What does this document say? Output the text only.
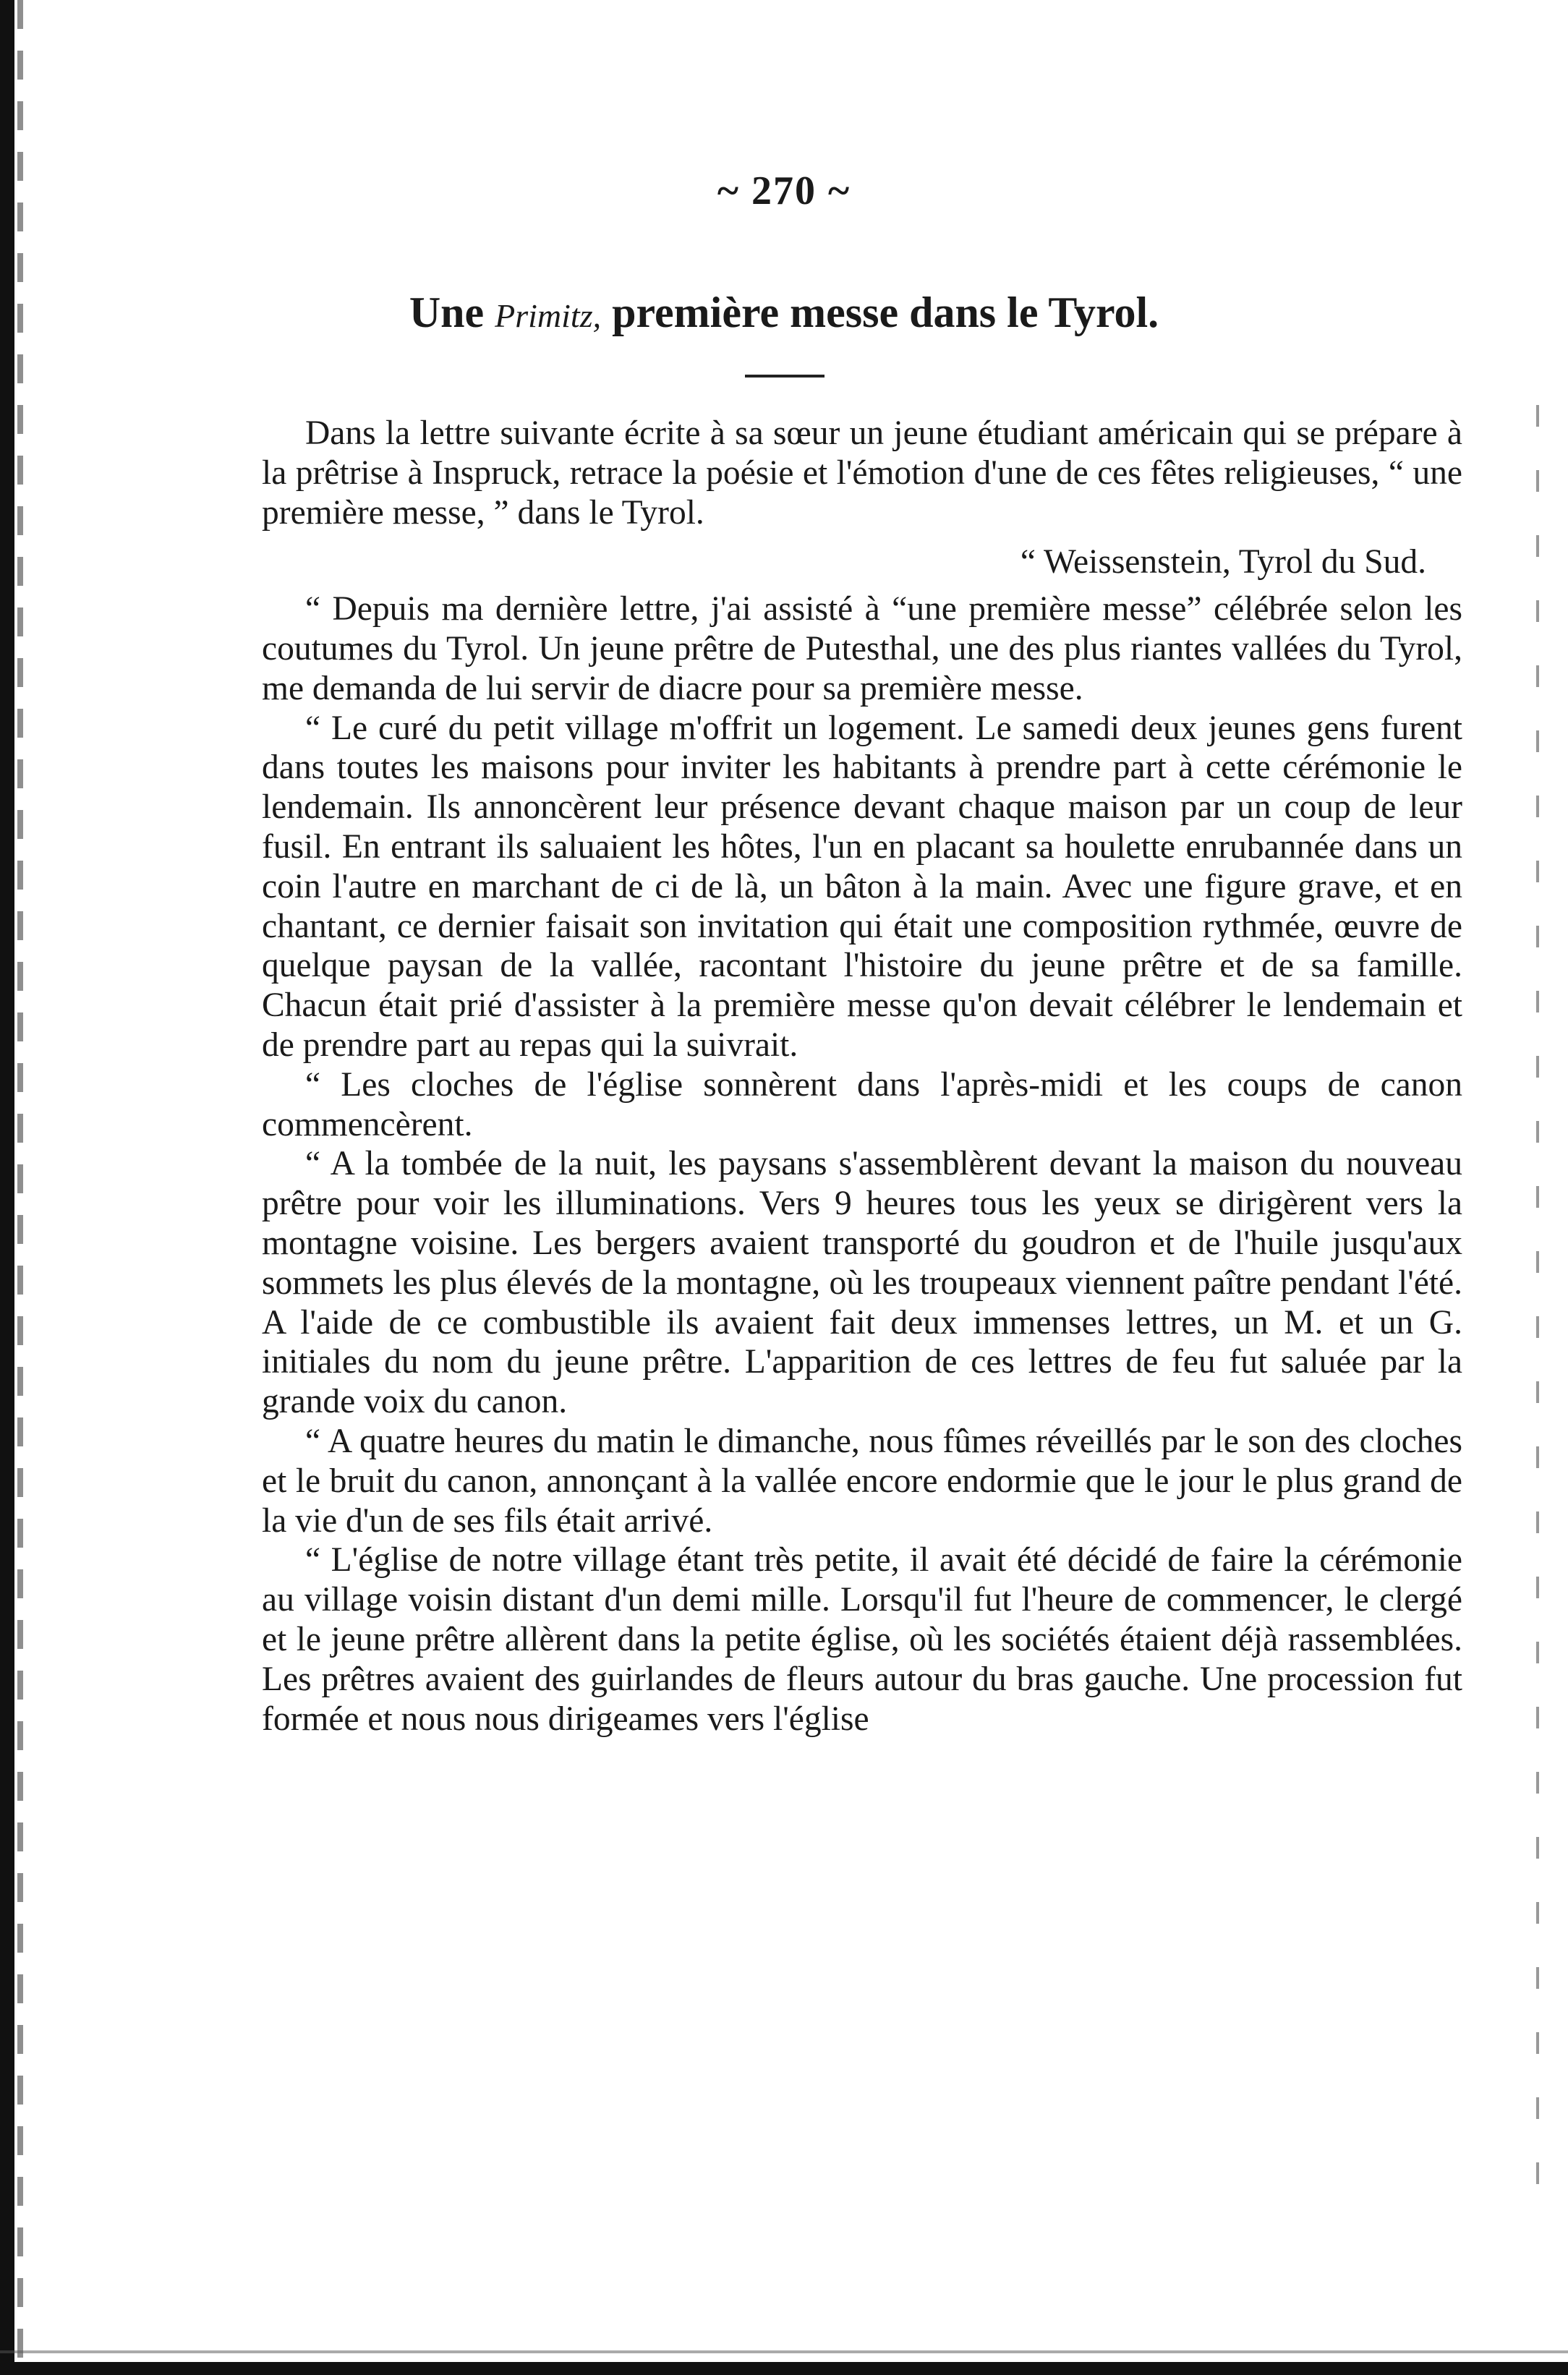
~ 270 ~
Une Primitz, première messe dans le Tyrol.

Dans la lettre suivante écrite à sa sœur un jeune étudiant américain qui se prépare à la prêtrise à Inspruck, retrace la poésie et l'émotion d'une de ces fêtes religieuses, “ une première messe, ” dans le Tyrol.

“ Weissenstein, Tyrol du Sud.

“ Depuis ma dernière lettre, j'ai assisté à “une première messe” célébrée selon les coutumes du Tyrol. Un jeune prêtre de Putesthal, une des plus riantes vallées du Tyrol, me demanda de lui servir de diacre pour sa première messe.

“ Le curé du petit village m'offrit un logement. Le samedi deux jeunes gens furent dans toutes les maisons pour inviter les habitants à prendre part à cette cérémonie le lendemain. Ils annoncèrent leur présence devant chaque maison par un coup de leur fusil. En entrant ils saluaient les hôtes, l'un en placant sa houlette enrubannée dans un coin l'autre en marchant de ci de là, un bâton à la main. Avec une figure grave, et en chantant, ce dernier faisait son invitation qui était une composition rythmée, œuvre de quelque paysan de la vallée, racontant l'histoire du jeune prêtre et de sa famille. Chacun était prié d'assister à la première messe qu'on devait célébrer le lendemain et de prendre part au repas qui la suivrait.

“ Les cloches de l'église sonnèrent dans l'après-midi et les coups de canon commencèrent.

“ A la tombée de la nuit, les paysans s'assemblèrent devant la maison du nouveau prêtre pour voir les illuminations. Vers 9 heures tous les yeux se dirigèrent vers la montagne voisine. Les bergers avaient transporté du goudron et de l'huile jusqu'aux sommets les plus élevés de la montagne, où les troupeaux viennent paître pendant l'été. A l'aide de ce combustible ils avaient fait deux immenses lettres, un M. et un G. initiales du nom du jeune prêtre. L'apparition de ces lettres de feu fut saluée par la grande voix du canon.

“ A quatre heures du matin le dimanche, nous fûmes réveillés par le son des cloches et le bruit du canon, annonçant à la vallée encore endormie que le jour le plus grand de la vie d'un de ses fils était arrivé.

“ L'église de notre village étant très petite, il avait été décidé de faire la cérémonie au village voisin distant d'un demi mille. Lorsqu'il fut l'heure de commencer, le clergé et le jeune prêtre allèrent dans la petite église, où les sociétés étaient déjà rassemblées. Les prêtres avaient des guirlandes de fleurs autour du bras gauche. Une procession fut formée et nous nous dirigeames vers l'église
